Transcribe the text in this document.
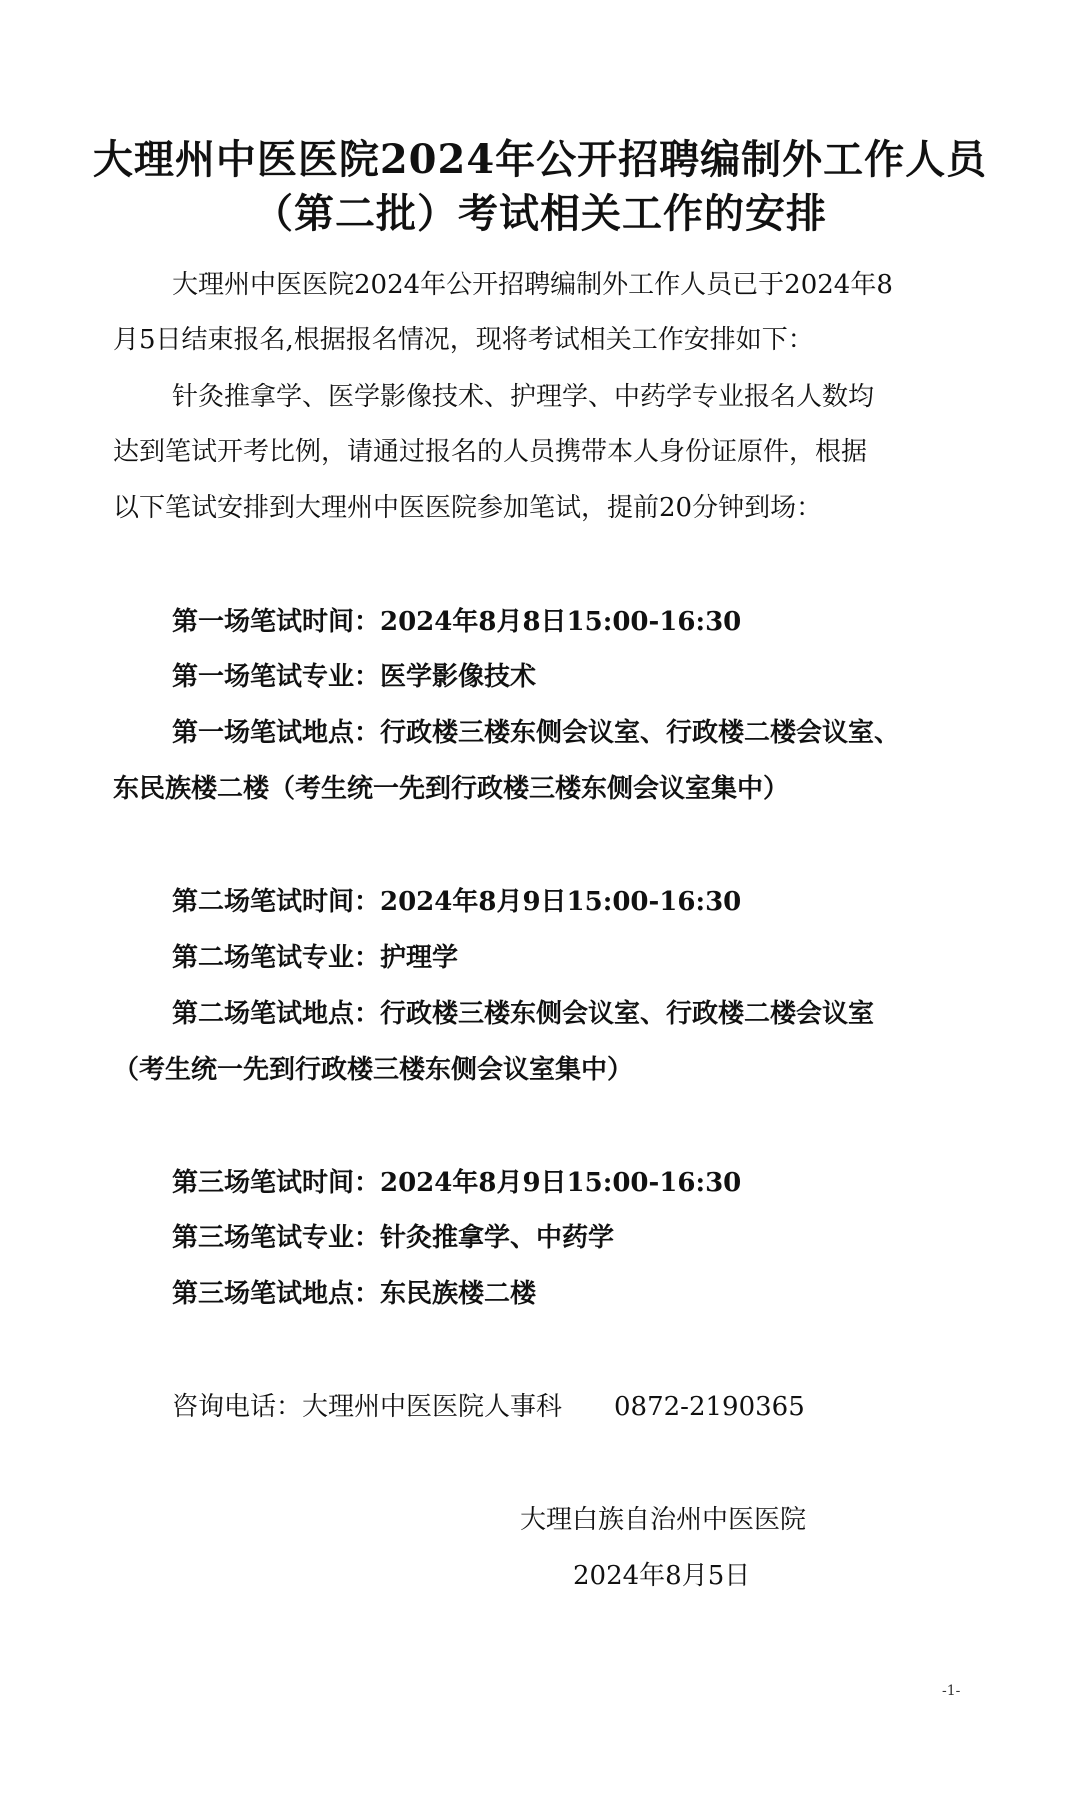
大理州中医医院2024年公开招聘编制外工作人员
（第二批）考试相关工作的安排
大理州中医医院2024年公开招聘编制外工作人员已于2024年8
月5日结束报名,根据报名情况，现将考试相关工作安排如下：
针灸推拿学、医学影像技术、护理学、中药学专业报名人数均
达到笔试开考比例，请通过报名的人员携带本人身份证原件，根据
以下笔试安排到大理州中医医院参加笔试，提前20分钟到场：
第一场笔试时间：2024年8月8日15:00-16:30
第一场笔试专业：医学影像技术
第一场笔试地点：行政楼三楼东侧会议室、行政楼二楼会议室、
东民族楼二楼（考生统一先到行政楼三楼东侧会议室集中）
第二场笔试时间：2024年8月9日15:00-16:30
第二场笔试专业：护理学
第二场笔试地点：行政楼三楼东侧会议室、行政楼二楼会议室
（考生统一先到行政楼三楼东侧会议室集中）
第三场笔试时间：2024年8月9日15:00-16:30
第三场笔试专业：针灸推拿学、中药学
第三场笔试地点：东民族楼二楼
咨询电话：大理州中医医院人事科　　0872-2190365
大理白族自治州中医医院
2024年8月5日
-1-
